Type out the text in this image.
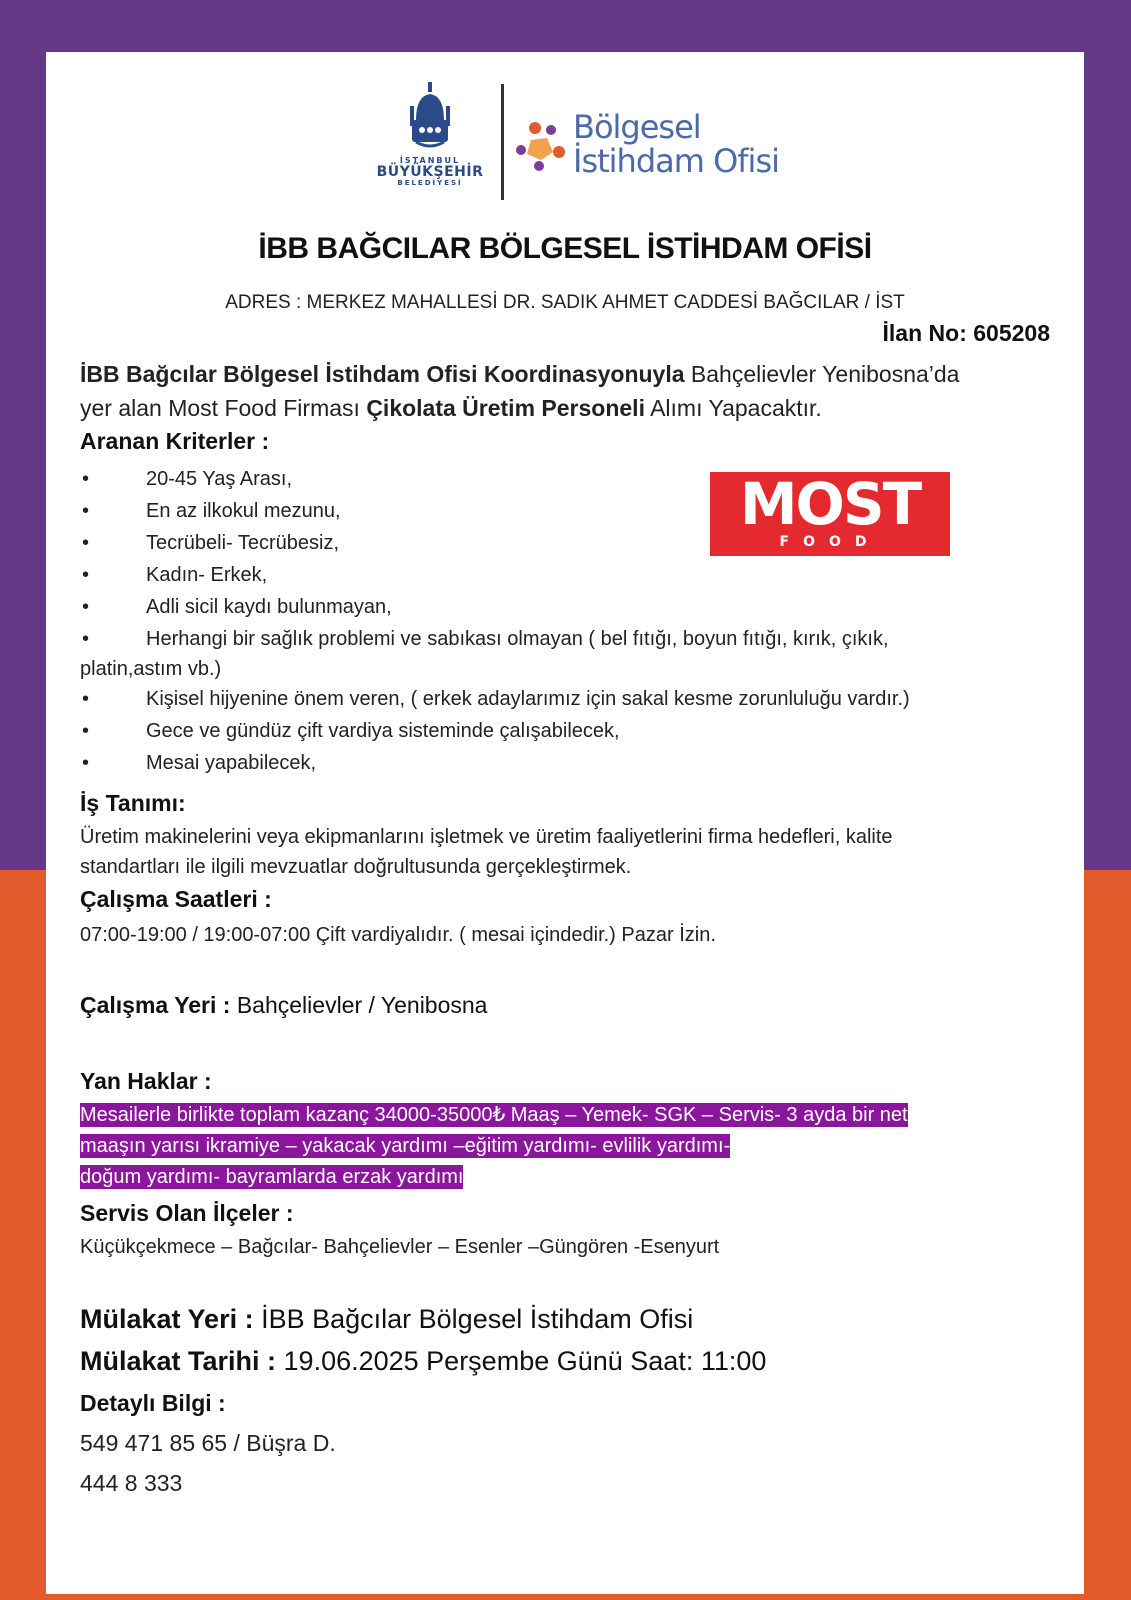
İSTANBUL
BÜYÜKŞEHİR
BELEDİYESİ
Bölgesel
İstihdam Ofisi
İBB BAĞCILAR BÖLGESEL İSTİHDAM OFİSİ
ADRES : MERKEZ MAHALLESİ DR. SADIK AHMET CADDESİ BAĞCILAR / İST
İlan No: 605208
İBB Bağcılar Bölgesel İstihdam Ofisi Koordinasyonuyla Bahçelievler Yenibosna’da yer alan Most Food Firması Çikolata Üretim Personeli Alımı Yapacaktır.
Aranan Kriterler :
MOST
FOOD
•	20-45 Yaş Arası,
•	En az ilkokul mezunu,
•	Tecrübeli- Tecrübesiz,
•	Kadın- Erkek,
•	Adli sicil kaydı bulunmayan,
•	Herhangi bir sağlık problemi ve sabıkası olmayan ( bel fıtığı, boyun fıtığı, kırık, çıkık, platin,astım vb.)
•	Kişisel hijyenine önem veren, ( erkek adaylarımız için sakal kesme zorunluluğu vardır.)
•	Gece ve gündüz çift vardiya sisteminde çalışabilecek,
•	Mesai yapabilecek,
İş Tanımı:
Üretim makinelerini veya ekipmanlarını işletmek ve üretim faaliyetlerini firma hedefleri, kalite standartları ile ilgili mevzuatlar doğrultusunda gerçekleştirmek.
Çalışma Saatleri :
07:00-19:00 / 19:00-07:00 Çift vardiyalıdır. ( mesai içindedir.) Pazar İzin.
Çalışma Yeri : Bahçelievler / Yenibosna
Yan Haklar :
Mesailerle birlikte toplam kazanç 34000-35000₺ Maaş – Yemek- SGK – Servis- 3 ayda bir net
maaşın yarısı ikramiye – yakacak yardımı –eğitim yardımı- evlilik yardımı-
doğum yardımı- bayramlarda erzak yardımı
Servis Olan İlçeler :
Küçükçekmece – Bağcılar- Bahçelievler – Esenler –Güngören -Esenyurt
Mülakat Yeri : İBB Bağcılar Bölgesel İstihdam Ofisi
Mülakat Tarihi : 19.06.2025 Perşembe Günü Saat: 11:00
Detaylı Bilgi :
549 471 85 65 / Büşra D.
444 8 333
